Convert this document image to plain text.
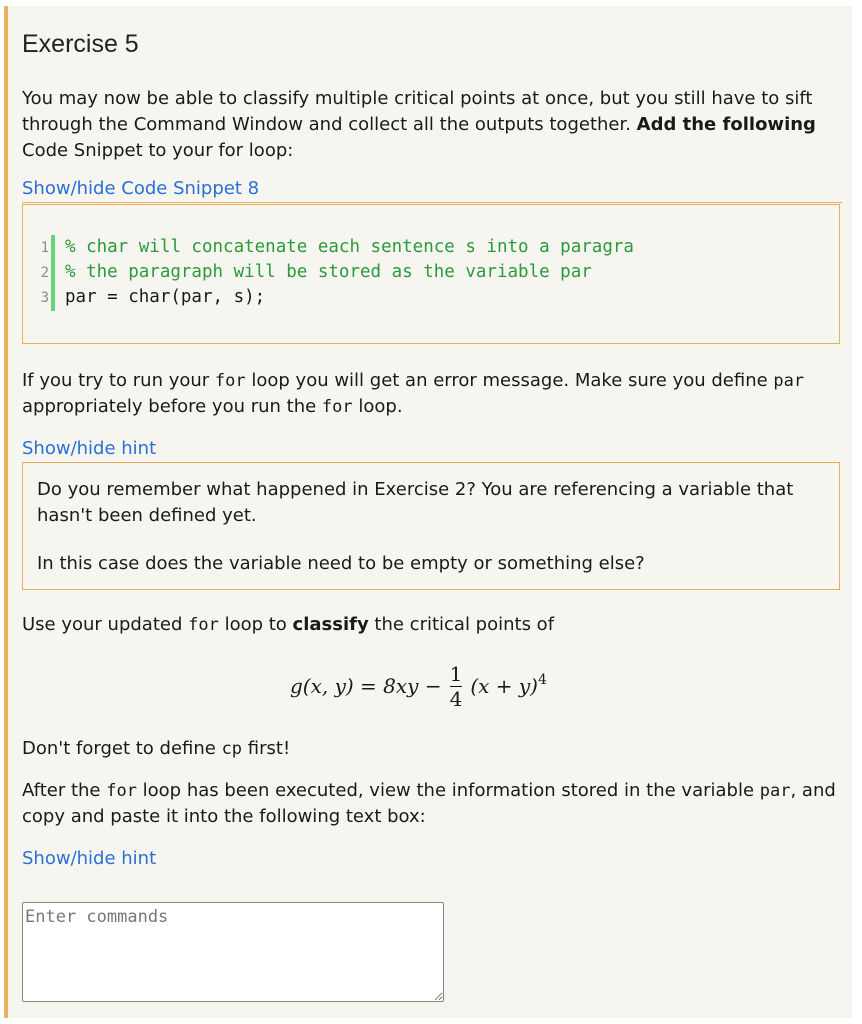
Exercise 5
You may now be able to classify multiple critical points at once, but you still have to sift through the Command Window and collect all the outputs together. Add the following Code Snippet to your for loop:
Show/hide Code Snippet 8
1
2
3
% char will concatenate each sentence s into a paragra
% the paragraph will be stored as the variable par
par = char(par, s);
If you try to run your for loop you will get an error message. Make sure you define par appropriately before you run the for loop.
Show/hide hint
Do you remember what happened in Exercise 2? You are referencing a variable that hasn't been defined yet.
In this case does the variable need to be empty or something else?
Use your updated for loop to classify the critical points of
g(x, $y) = 8xy - \frac{1}{4} (x + y)^4$
Don't forget to define cp first!
After the for loop has been executed, view the information stored in the variable par, and copy and paste it into the following text box:
Show/hide hint
Enter commands
